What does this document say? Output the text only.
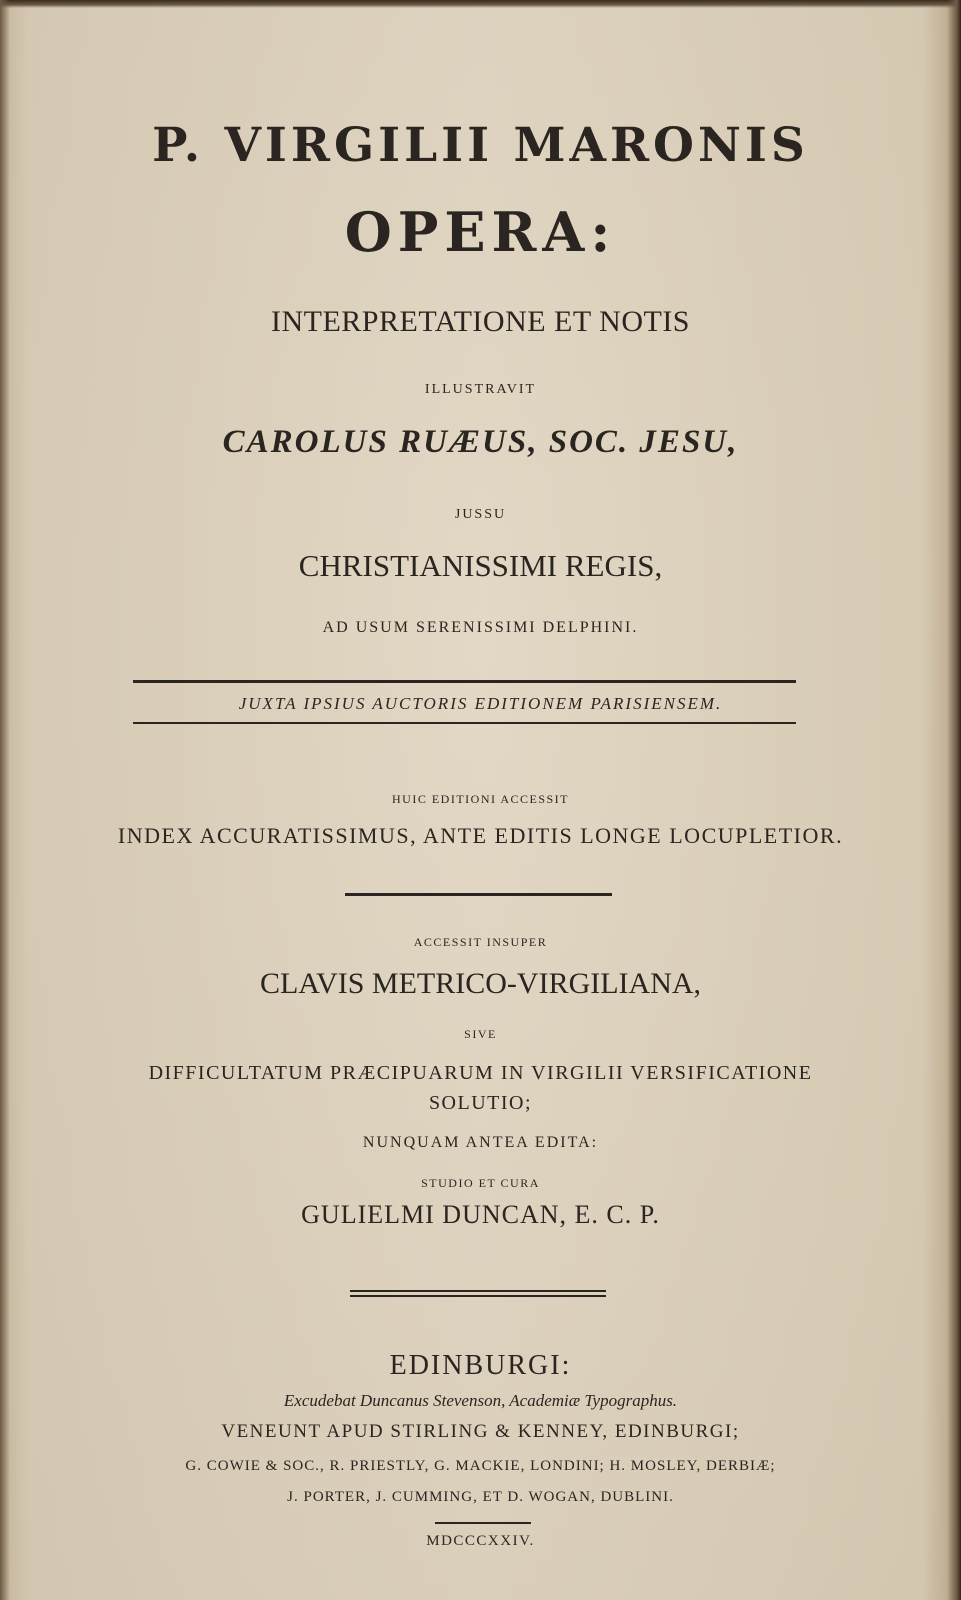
P. VIRGILII MARONIS

OPERA:

INTERPRETATIONE ET NOTIS

ILLUSTRAVIT

CAROLUS RUÆUS, SOC. JESU,

JUSSU

CHRISTIANISSIMI REGIS,

AD USUM SERENISSIMI DELPHINI.

JUXTA IPSIUS AUCTORIS EDITIONEM PARISIENSEM.

HUIC EDITIONI ACCESSIT

INDEX ACCURATISSIMUS, ANTE EDITIS LONGE LOCUPLETIOR.

ACCESSIT INSUPER

CLAVIS METRICO-VIRGILIANA,

SIVE

DIFFICULTATUM PRÆCIPUARUM IN VIRGILII VERSIFICATIONE

SOLUTIO;

NUNQUAM ANTEA EDITA:

STUDIO ET CURA

GULIELMI DUNCAN, E. C. P.

EDINBURGI:

Excudebat Duncanus Stevenson, Academiæ Typographus.

VENEUNT APUD STIRLING & KENNEY, EDINBURGI;

G. COWIE & SOC., R. PRIESTLY, G. MACKIE, LONDINI; H. MOSLEY, DERBIÆ;

J. PORTER, J. CUMMING, ET D. WOGAN, DUBLINI.

MDCCCXXIV.
